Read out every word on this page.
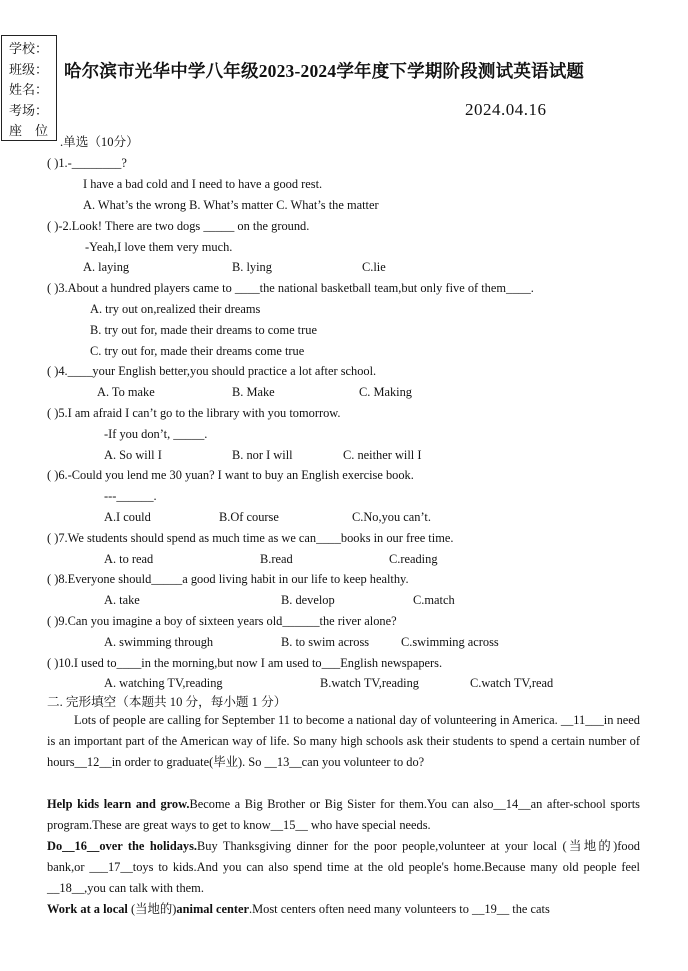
学校：
班级：
姓名：
考场：
座　位
哈尔滨市光华中学八年级2023-2024学年度下学期阶段测试英语试题
2024.04.16
.单选（10分）
( )1.-________?
I have a bad cold and I need to have a good rest.
A. What’s the wrong B. What’s matter C. What’s the matter
( )-2.Look! There are two dogs _____ on the ground.
-Yeah,I love them very much.
A. laying	B. lying	C.lie
( )3.About a hundred players came to ____the national basketball team,but only five of them____.
A. try out on,realized their dreams
B. try out for, made their dreams to come true
C. try out for, made their dreams come true
( )4.____your English better,you should practice a lot after school.
A. To make	B. Make	C. Making
( )5.I am afraid I can’t go to the library with you tomorrow.
-If you don’t, _____.
A. So will I	B. nor I will	C. neither will I
( )6.-Could you lend me 30 yuan? I want to buy an English exercise book.
---______.
A.I could	B.Of course	C.No,you can’t.
( )7.We students should spend as much time as we can____books in our free time.
A. to read	B.read	C.reading
( )8.Everyone should_____a good living habit in our life to keep healthy.
A. take	B. develop	C.match
( )9.Can you imagine a boy of sixteen years old______the river alone?
A. swimming through	B. to swim across	C.swimming across
( )10.I used to____in the morning,but now I am used to___English newspapers.
A. watching TV,reading	B.watch TV,reading	C.watch TV,read
二. 完形填空（本题共 10 分，每小题 1 分）

Lots of people are calling for September 11 to become a national day of volunteering in America. __11___in need is an important part of the American way of life. So many high schools ask their students to spend a certain number of hours__12__in order to graduate(毕业). So __13__can you volunteer to do?

Help kids learn and grow.Become a Big Brother or Big Sister for them.You can also__14__an after-school sports program.These are great ways to get to know__15__ who have special needs.

Do__16__over the holidays.Buy Thanksgiving dinner for the poor people,volunteer at your local (当地的)food bank,or ___17__toys to kids.And you can also spend time at the old people's home.Because many old people feel __18__,you can talk with them.

Work at a local (当地的)animal center.Most centers often need many volunteers to __19__ the cats
